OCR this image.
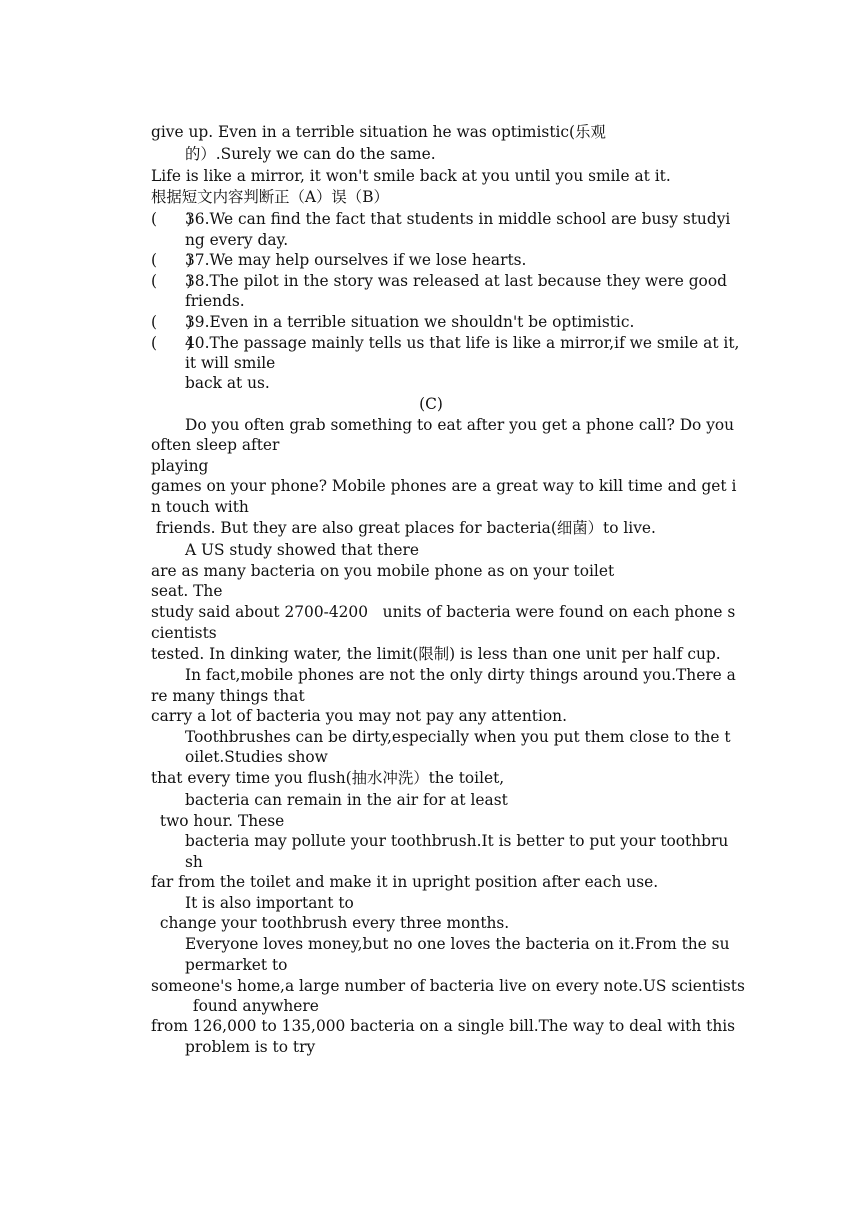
give up. Even in a terrible situation he was optimistic(乐观
的）.Surely we can do the same.
Life is like a mirror, it won't smile back at you until you smile at it.
根据短文内容判断正（A）误（B）
(      )
36.We can find the fact that students in middle school are busy studyi
ng every day.
(      )
37.We may help ourselves if we lose hearts.
(      )
38.The pilot in the story was released at last because they were good
friends.
(      )
39.Even in a terrible situation we shouldn't be optimistic.
(      )
40.The passage mainly tells us that life is like a mirror,if we smile at it,
it will smile
back at us.
(C)
Do you often grab something to eat after you get a phone call? Do you
often sleep after
playing
games on your phone? Mobile phones are a great way to kill time and get i
n touch with
friends. But they are also great places for bacteria(细菌）to live.
A US study showed that there
are as many bacteria on you mobile phone as on your toilet
seat. The
study said about 2700-4200   units of bacteria were found on each phone s
cientists
tested. In dinking water, the limit(限制) is less than one unit per half cup.
In fact,mobile phones are not the only dirty things around you.There a
re many things that
carry a lot of bacteria you may not pay any attention.
Toothbrushes can be dirty,especially when you put them close to the t
oilet.Studies show
that every time you flush(抽水冲洗）the toilet,
bacteria can remain in the air for at least
two hour. These
bacteria may pollute your toothbrush.It is better to put your toothbru
sh
far from the toilet and make it in upright position after each use.
It is also important to
change your toothbrush every three months.
Everyone loves money,but no one loves the bacteria on it.From the su
permarket to
someone's home,a large number of bacteria live on every note.US scientists
found anywhere
from 126,000 to 135,000 bacteria on a single bill.The way to deal with this
problem is to try
